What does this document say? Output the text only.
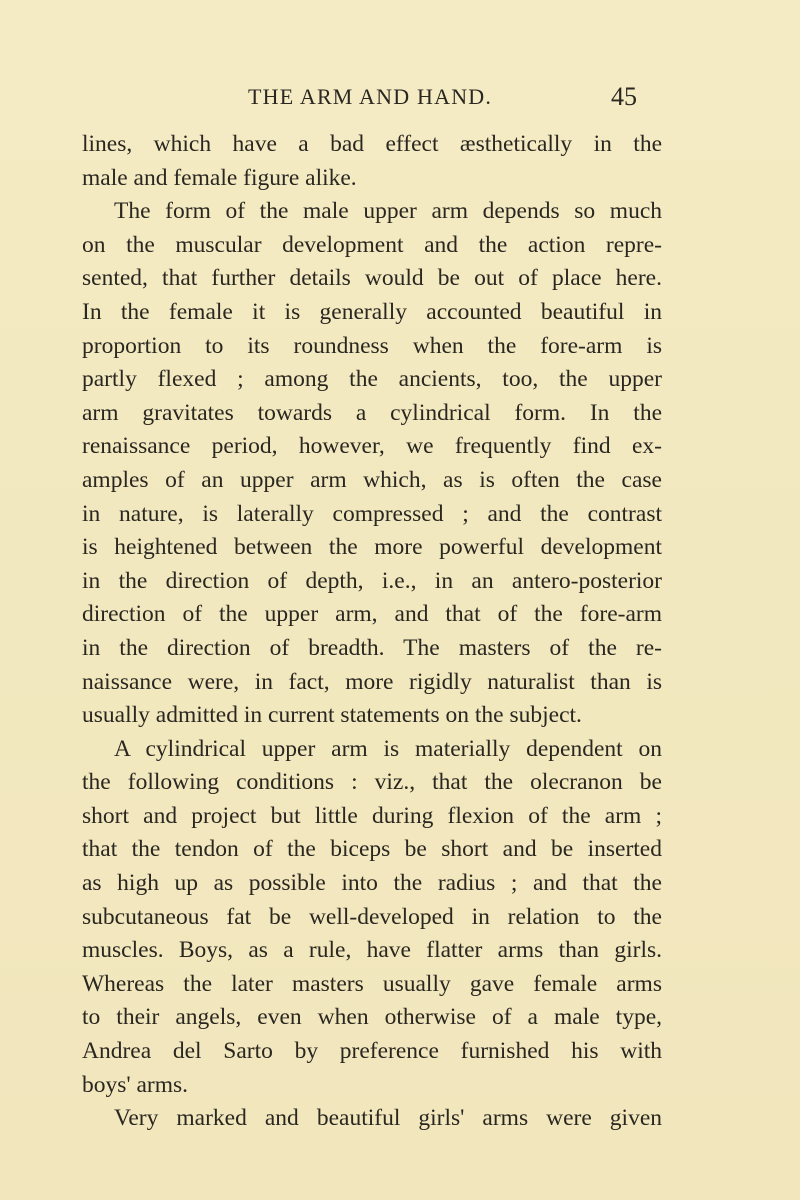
THE ARM AND HAND.	45
lines, which have a bad effect æsthetically in the
male and female figure alike.
The form of the male upper arm depends so much
on the muscular development and the action repre-
sented, that further details would be out of place here.
In the female it is generally accounted beautiful in
proportion to its roundness when the fore-arm is
partly flexed ; among the ancients, too, the upper
arm gravitates towards a cylindrical form. In the
renaissance period, however, we frequently find ex-
amples of an upper arm which, as is often the case
in nature, is laterally compressed ; and the contrast
is heightened between the more powerful development
in the direction of depth, i.e., in an antero-posterior
direction of the upper arm, and that of the fore-arm
in the direction of breadth. The masters of the re-
naissance were, in fact, more rigidly naturalist than is
usually admitted in current statements on the subject.
A cylindrical upper arm is materially dependent on
the following conditions : viz., that the olecranon be
short and project but little during flexion of the arm ;
that the tendon of the biceps be short and be inserted
as high up as possible into the radius ; and that the
subcutaneous fat be well-developed in relation to the
muscles. Boys, as a rule, have flatter arms than girls.
Whereas the later masters usually gave female arms
to their angels, even when otherwise of a male type,
Andrea del Sarto by preference furnished his with
boys' arms.
Very marked and beautiful girls' arms were given
